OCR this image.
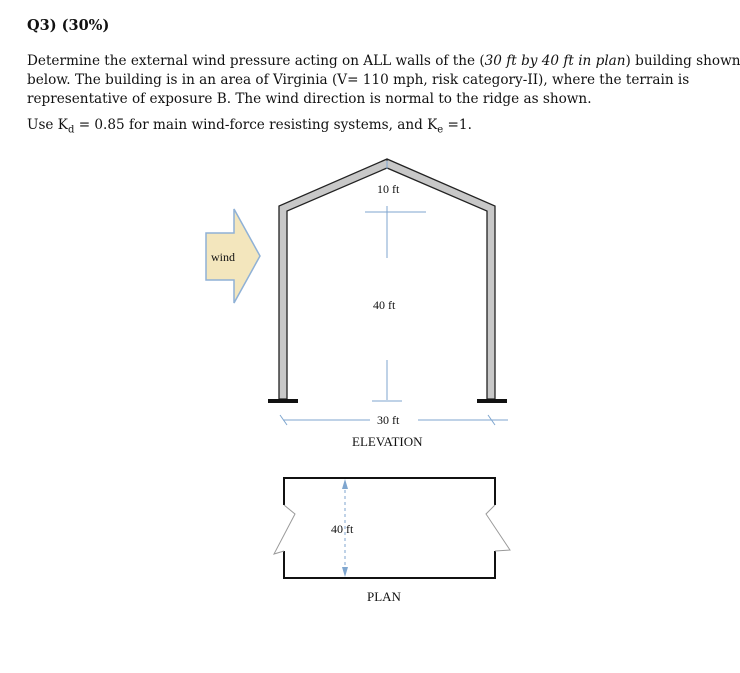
Q3) (30%)
Determine the external wind pressure acting on ALL walls of the (30 ft by 40 ft in plan) building shown
below. The building is in an area of Virginia (V= 110 mph, risk category-II), where the terrain is
representative of exposure B. The wind direction is normal to the ridge as shown.
Use $K_d = 0.85$ for main wind-force resisting systems, and $K_e =1$.
wind
10 ft
40 ft
30 ft
ELEVATION
40 ft
PLAN
